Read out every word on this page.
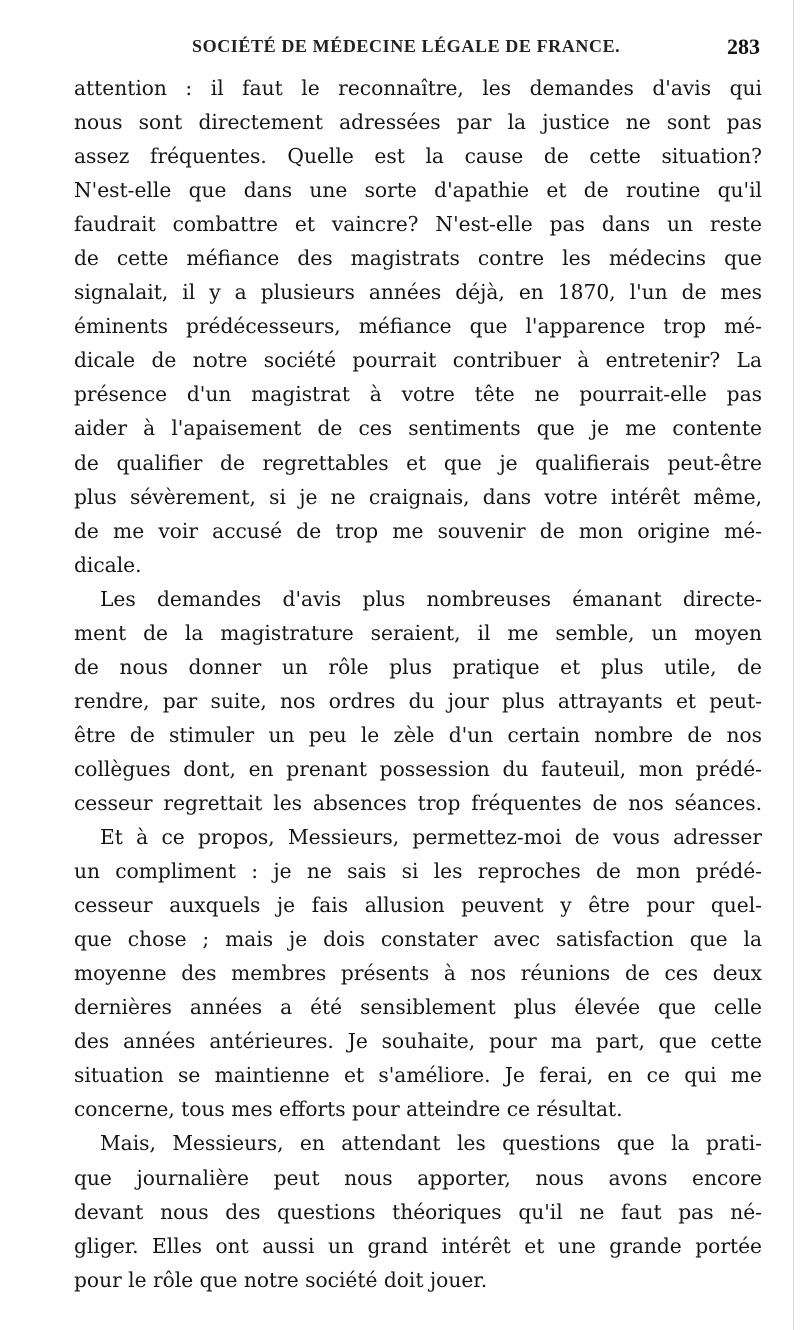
SOCIÉTÉ DE MÉDECINE LÉGALE DE FRANCE.	283
attention : il faut le reconnaître, les demandes d'avis qui
nous sont directement adressées par la justice ne sont pas
assez fréquentes. Quelle est la cause de cette situation?
N'est-elle que dans une sorte d'apathie et de routine qu'il
faudrait combattre et vaincre? N'est-elle pas dans un reste
de cette méfiance des magistrats contre les médecins que
signalait, il y a plusieurs années déjà, en 1870, l'un de mes
éminents prédécesseurs, méfiance que l'apparence trop mé-
dicale de notre société pourrait contribuer à entretenir? La
présence d'un magistrat à votre tête ne pourrait-elle pas
aider à l'apaisement de ces sentiments que je me contente
de qualifier de regrettables et que je qualifierais peut-être
plus sévèrement, si je ne craignais, dans votre intérêt même,
de me voir accusé de trop me souvenir de mon origine mé-
dicale.
Les demandes d'avis plus nombreuses émanant directe-
ment de la magistrature seraient, il me semble, un moyen
de nous donner un rôle plus pratique et plus utile, de
rendre, par suite, nos ordres du jour plus attrayants et peut-
être de stimuler un peu le zèle d'un certain nombre de nos
collègues dont, en prenant possession du fauteuil, mon prédé-
cesseur regrettait les absences trop fréquentes de nos séances.
Et à ce propos, Messieurs, permettez-moi de vous adresser
un compliment : je ne sais si les reproches de mon prédé-
cesseur auxquels je fais allusion peuvent y être pour quel-
que chose ; mais je dois constater avec satisfaction que la
moyenne des membres présents à nos réunions de ces deux
dernières années a été sensiblement plus élevée que celle
des années antérieures. Je souhaite, pour ma part, que cette
situation se maintienne et s'améliore. Je ferai, en ce qui me
concerne, tous mes efforts pour atteindre ce résultat.
Mais, Messieurs, en attendant les questions que la prati-
que journalière peut nous apporter, nous avons encore
devant nous des questions théoriques qu'il ne faut pas né-
gliger. Elles ont aussi un grand intérêt et une grande portée
pour le rôle que notre société doit jouer.
